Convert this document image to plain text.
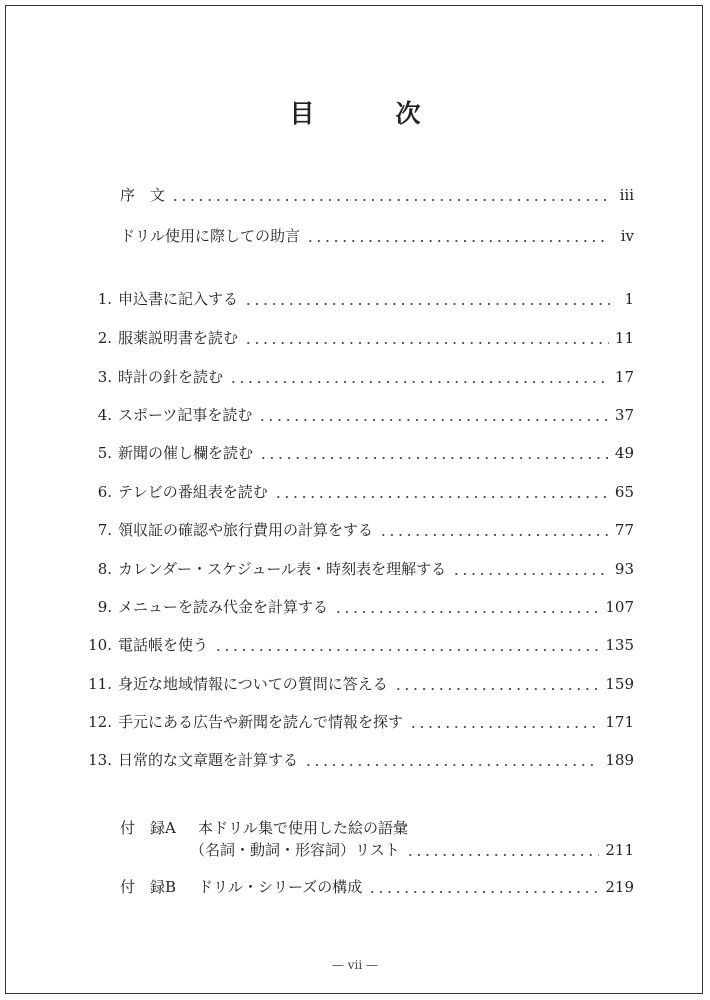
目　次
序　文	iii
ドリル使用に際しての助言	iv
1. 申込書に記入する	1
2. 服薬説明書を読む	11
3. 時計の針を読む	17
4. スポーツ記事を読む	37
5. 新聞の催し欄を読む	49
6. テレビの番組表を読む	65
7. 領収証の確認や旅行費用の計算をする	77
8. カレンダー・スケジュール表・時刻表を理解する	93
9. メニューを読み代金を計算する	107
10. 電話帳を使う	135
11. 身近な地域情報についての質問に答える	159
12. 手元にある広告や新聞を読んで情報を探す	171
13. 日常的な文章題を計算する	189
付　録A 本ドリル集で使用した絵の語彙
（名詞・動詞・形容詞）リスト	211
付　録B ドリル・シリーズの構成	219
— vii —
